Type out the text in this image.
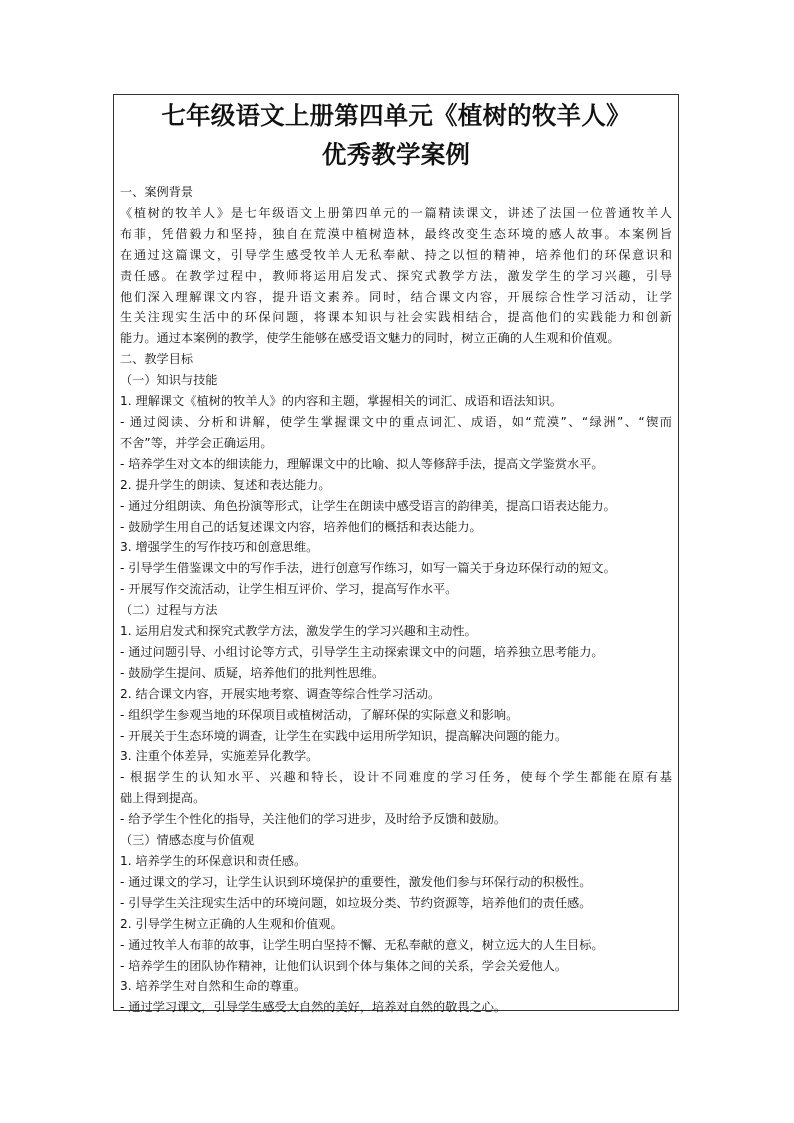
七年级语文上册第四单元《植树的牧羊人》
优秀教学案例
一、案例背景
《植树的牧羊人》是七年级语文上册第四单元的一篇精读课文，讲述了法国一位普通牧羊人
布菲，凭借毅力和坚持，独自在荒漠中植树造林，最终改变生态环境的感人故事。本案例旨
在通过这篇课文，引导学生感受牧羊人无私奉献、持之以恒的精神，培养他们的环保意识和
责任感。在教学过程中，教师将运用启发式、探究式教学方法，激发学生的学习兴趣，引导
他们深入理解课文内容，提升语文素养。同时，结合课文内容，开展综合性学习活动，让学
生关注现实生活中的环保问题，将课本知识与社会实践相结合，提高他们的实践能力和创新
能力。通过本案例的教学，使学生能够在感受语文魅力的同时，树立正确的人生观和价值观。
二、教学目标
（一）知识与技能
1. 理解课文《植树的牧羊人》的内容和主题，掌握相关的词汇、成语和语法知识。
- 通过阅读、分析和讲解，使学生掌握课文中的重点词汇、成语，如“荒漠”、“绿洲”、“锲而
不舍”等，并学会正确运用。
- 培养学生对文本的细读能力，理解课文中的比喻、拟人等修辞手法，提高文学鉴赏水平。
2. 提升学生的朗读、复述和表达能力。
- 通过分组朗读、角色扮演等形式，让学生在朗读中感受语言的韵律美，提高口语表达能力。
- 鼓励学生用自己的话复述课文内容，培养他们的概括和表达能力。
3. 增强学生的写作技巧和创意思维。
- 引导学生借鉴课文中的写作手法，进行创意写作练习，如写一篇关于身边环保行动的短文。
- 开展写作交流活动，让学生相互评价、学习，提高写作水平。
（二）过程与方法
1. 运用启发式和探究式教学方法，激发学生的学习兴趣和主动性。
- 通过问题引导、小组讨论等方式，引导学生主动探索课文中的问题，培养独立思考能力。
- 鼓励学生提问、质疑，培养他们的批判性思维。
2. 结合课文内容，开展实地考察、调查等综合性学习活动。
- 组织学生参观当地的环保项目或植树活动，了解环保的实际意义和影响。
- 开展关于生态环境的调查，让学生在实践中运用所学知识，提高解决问题的能力。
3. 注重个体差异，实施差异化教学。
- 根据学生的认知水平、兴趣和特长，设计不同难度的学习任务，使每个学生都能在原有基
础上得到提高。
- 给予学生个性化的指导，关注他们的学习进步，及时给予反馈和鼓励。
（三）情感态度与价值观
1. 培养学生的环保意识和责任感。
- 通过课文的学习，让学生认识到环境保护的重要性，激发他们参与环保行动的积极性。
- 引导学生关注现实生活中的环境问题，如垃圾分类、节约资源等，培养他们的责任感。
2. 引导学生树立正确的人生观和价值观。
- 通过牧羊人布菲的故事，让学生明白坚持不懈、无私奉献的意义，树立远大的人生目标。
- 培养学生的团队协作精神，让他们认识到个体与集体之间的关系，学会关爱他人。
3. 培养学生对自然和生命的尊重。
- 通过学习课文，引导学生感受大自然的美好，培养对自然的敬畏之心。
